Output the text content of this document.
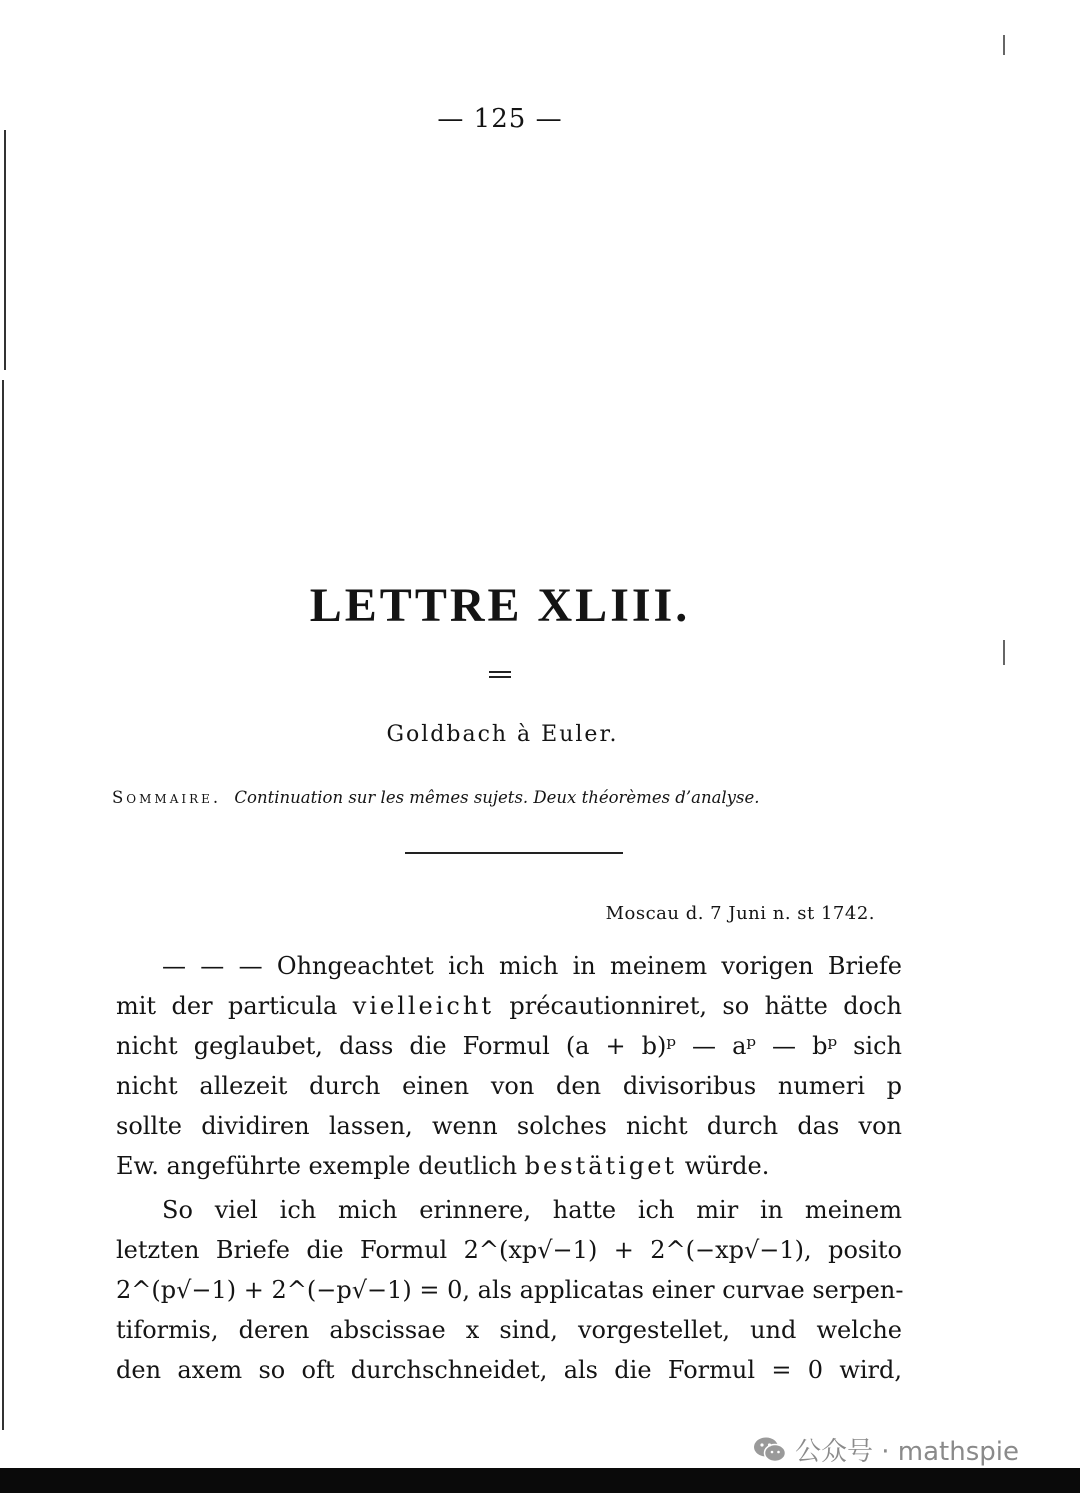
— 125 —
LETTRE XLIII.
Goldbach à Euler.
Sommaire. Continuation sur les mêmes sujets. Deux théorèmes d’analyse.
Moscau d. 7 Juni n. st 1742.
— — — Ohngeachtet ich mich in meinem vorigen Briefe
mit der particula vielleicht précautionniret, so hätte doch
nicht geglaubet, dass die Formul (a + b)ᵖ — aᵖ — bᵖ sich
nicht allezeit durch einen von den divisoribus numeri p
sollte dividiren lassen, wenn solches nicht durch das von
Ew. angeführte exemple deutlich bestätiget würde.
So viel ich mich erinnere, hatte ich mir in meinem
letzten Briefe die Formul 2^(xp√−1) + 2^(−xp√−1), posito
2^(p√−1) + 2^(−p√−1) = 0, als applicatas einer curvae serpen-
tiformis, deren abscissae x sind, vorgestellet, und welche
den axem so oft durchschneidet, als die Formul = 0 wird,
公众号 · mathspie
